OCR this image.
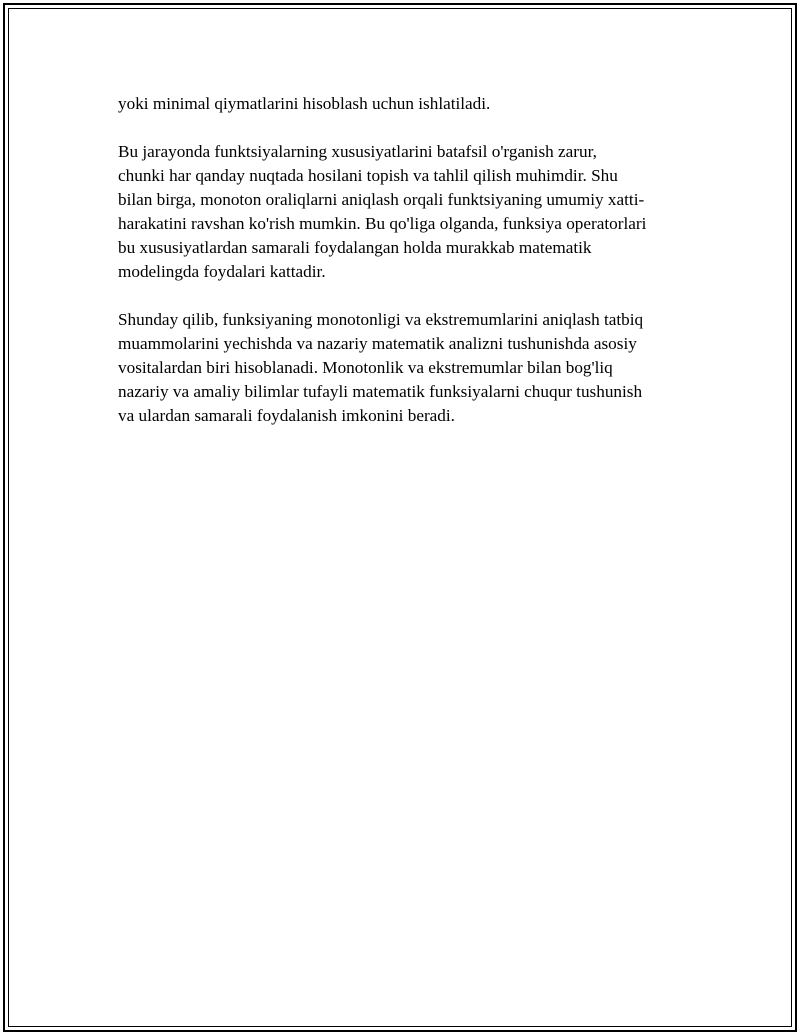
yoki minimal qiymatlarini hisoblash uchun ishlatiladi.

Bu jarayonda funktsiyalarning xususiyatlarini batafsil o'rganish zarur,
chunki har qanday nuqtada hosilani topish va tahlil qilish muhimdir. Shu
bilan birga, monoton oraliqlarni aniqlash orqali funktsiyaning umumiy xatti-
harakatini ravshan ko'rish mumkin. Bu qo'liga olganda, funksiya operatorlari
bu xususiyatlardan samarali foydalangan holda murakkab matematik
modelingda foydalari kattadir.

Shunday qilib, funksiyaning monotonligi va ekstremumlarini aniqlash tatbiq
muammolarini yechishda va nazariy matematik analizni tushunishda asosiy
vositalardan biri hisoblanadi. Monotonlik va ekstremumlar bilan bog'liq
nazariy va amaliy bilimlar tufayli matematik funksiyalarni chuqur tushunish
va ulardan samarali foydalanish imkonini beradi.
